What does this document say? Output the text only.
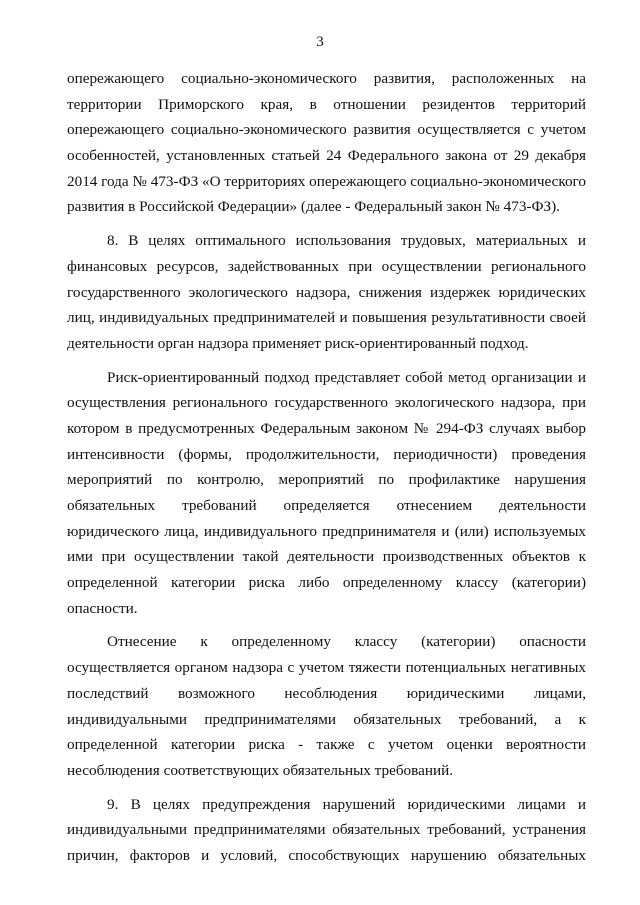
3
опережающего социально-экономического развития, расположенных на
территории Приморского края, в отношении резидентов территорий
опережающего социально-экономического развития осуществляется с учетом
особенностей, установленных статьей 24 Федерального закона от 29 декабря
2014 года № 473-ФЗ «О территориях опережающего социально-экономического
развития в Российской Федерации» (далее - Федеральный закон № 473-ФЗ).
8. В целях оптимального использования трудовых, материальных и
финансовых ресурсов, задействованных при осуществлении регионального
государственного экологического надзора, снижения издержек юридических
лиц, индивидуальных предпринимателей и повышения результативности своей
деятельности орган надзора применяет риск-ориентированный подход.
Риск-ориентированный подход представляет собой метод организации и
осуществления регионального государственного экологического надзора, при
котором в предусмотренных Федеральным законом № 294-ФЗ случаях выбор
интенсивности (формы, продолжительности, периодичности) проведения
мероприятий по контролю, мероприятий по профилактике нарушения
обязательных требований определяется отнесением деятельности
юридического лица, индивидуального предпринимателя и (или) используемых
ими при осуществлении такой деятельности производственных объектов к
определенной категории риска либо определенному классу (категории)
опасности.
Отнесение к определенному классу (категории) опасности
осуществляется органом надзора с учетом тяжести потенциальных негативных
последствий возможного несоблюдения юридическими лицами,
индивидуальными предпринимателями обязательных требований, а к
определенной категории риска - также с учетом оценки вероятности
несоблюдения соответствующих обязательных требований.
9. В целях предупреждения нарушений юридическими лицами и
индивидуальными предпринимателями обязательных требований, устранения
причин, факторов и условий, способствующих нарушению обязательных
